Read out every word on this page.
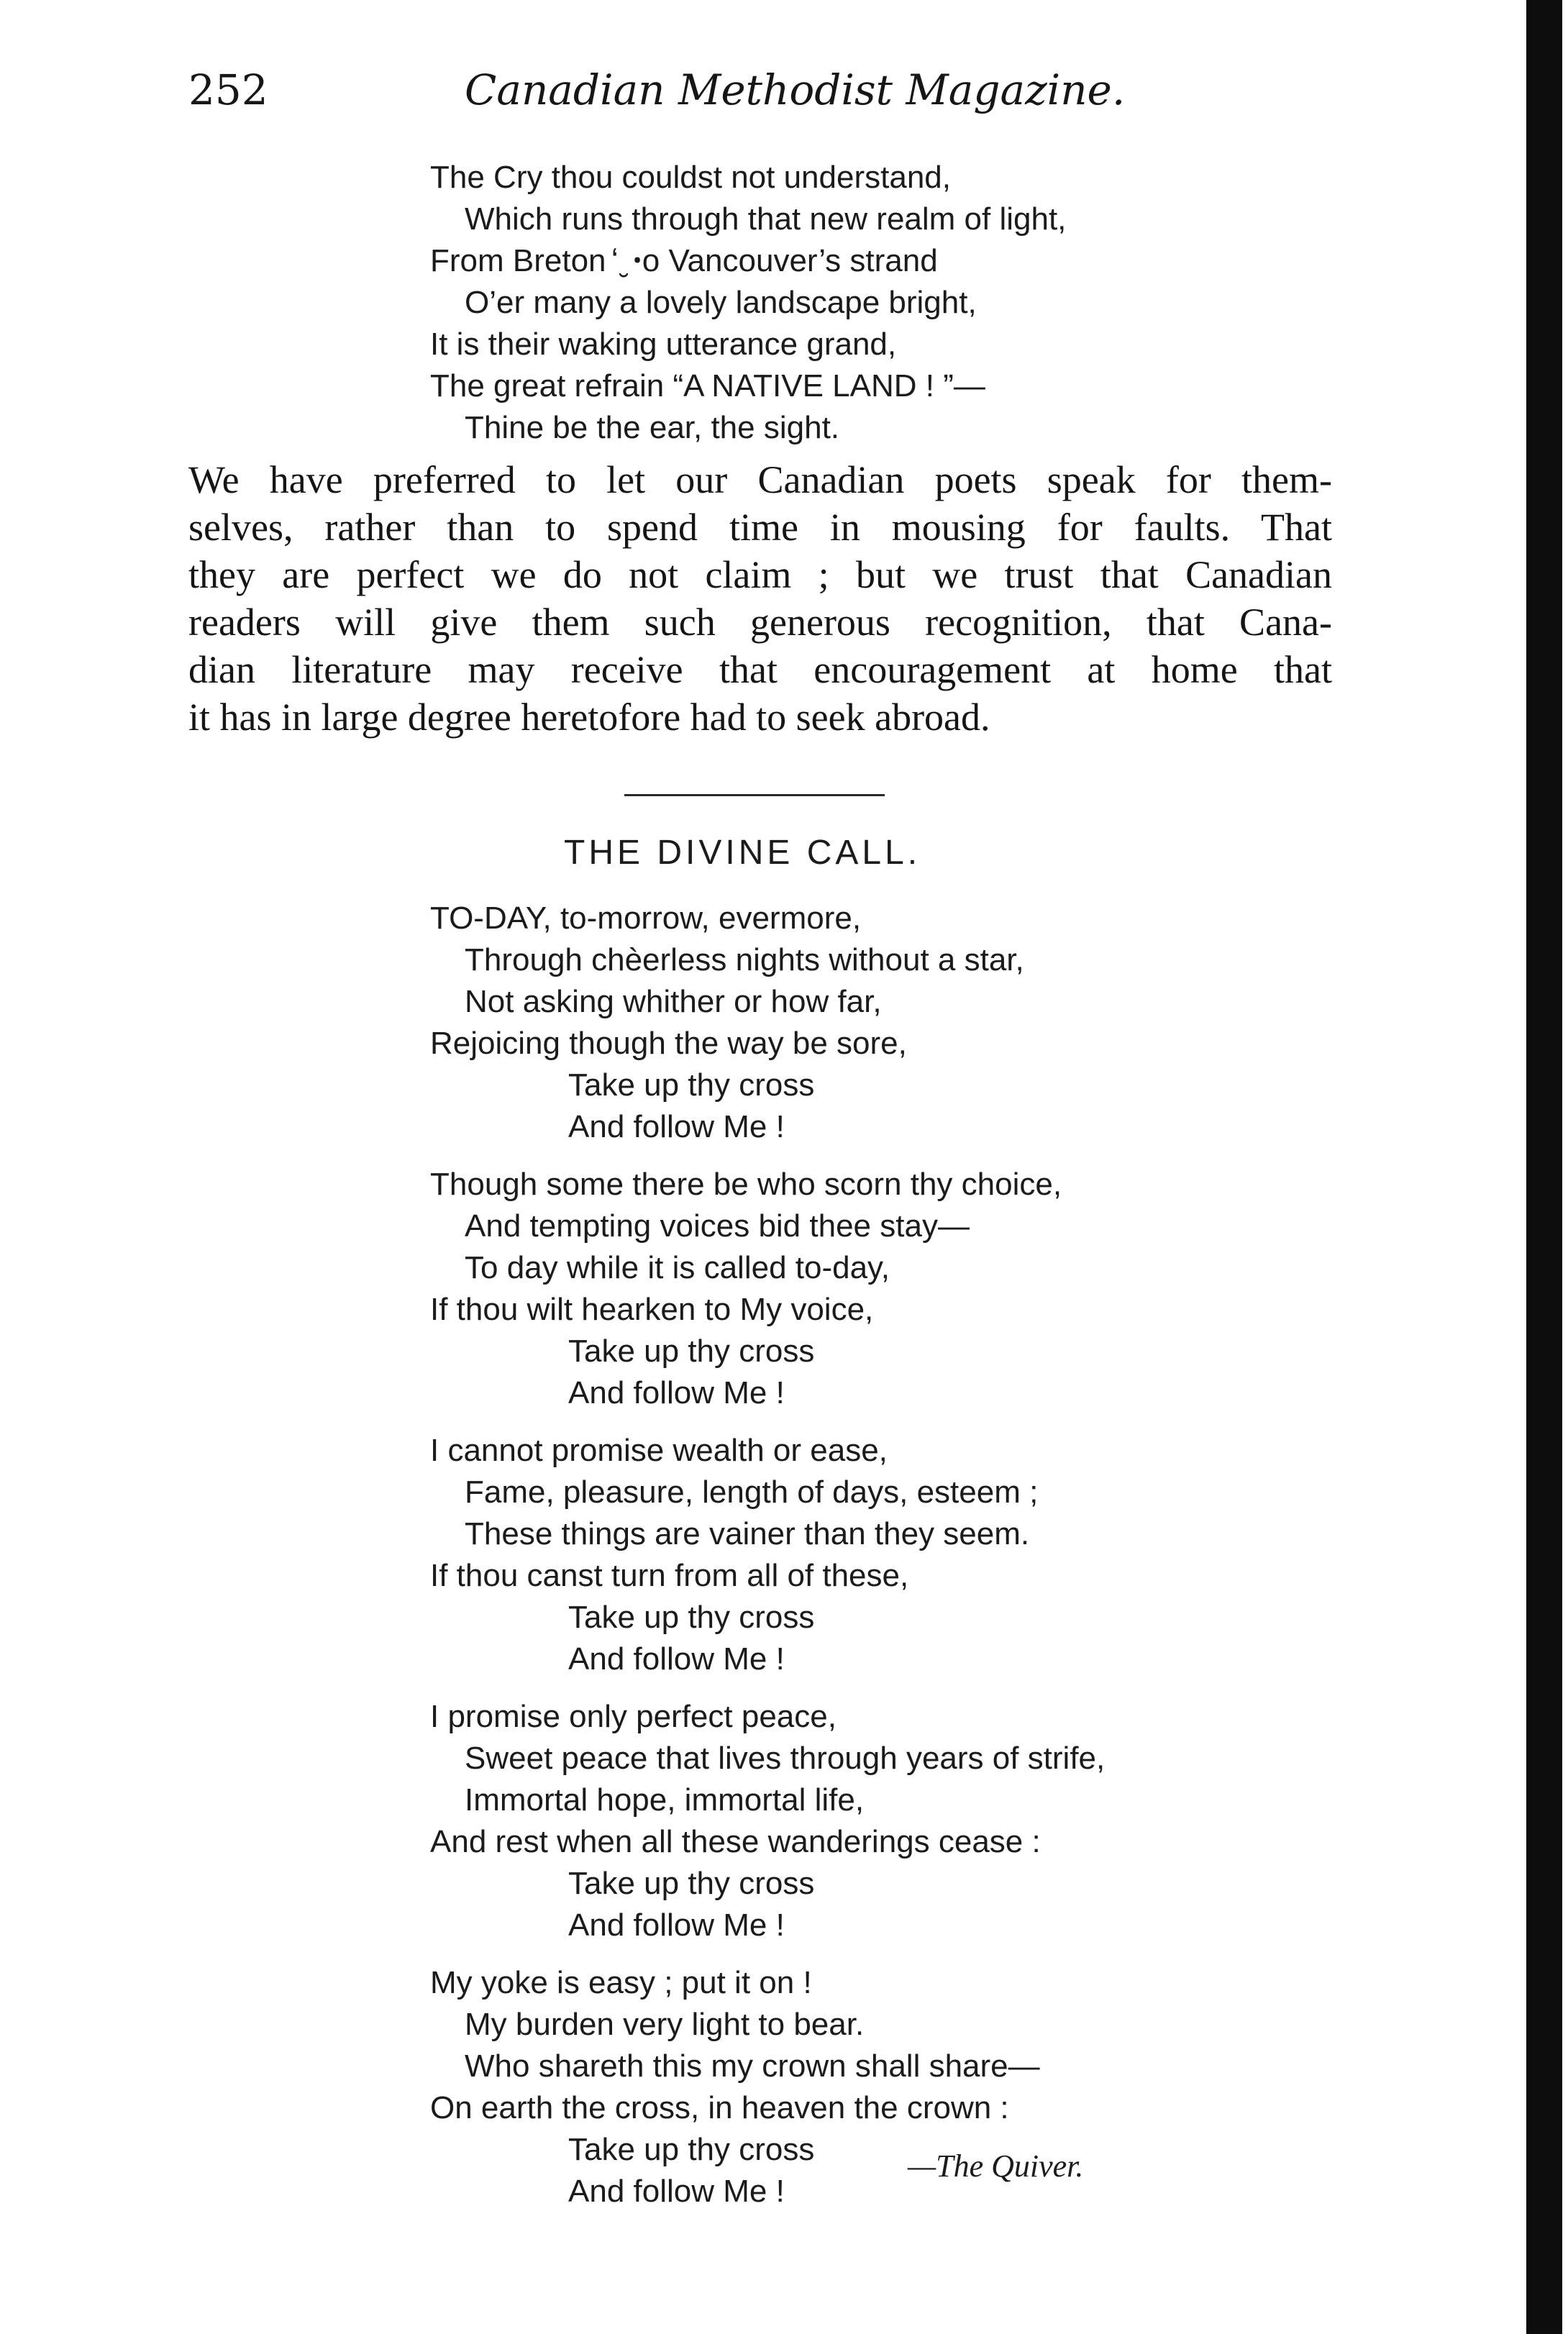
252	Canadian Methodist Magazine.
The Cry thou couldst not understand,
Which runs through that new realm of light,
From Breton ̒ ̮ ꞏo Vancouver’s strand
O’er many a lovely landscape bright,
It is their waking utterance grand,
The great refrain “A NATIVE LAND ! ”—
Thine be the ear, the sight.
We have preferred to let our Canadian poets speak for them-
selves, rather than to spend time in mousing for faults. That
they are perfect we do not claim ; but we trust that Canadian
readers will give them such generous recognition, that Cana-
dian literature may receive that encouragement at home that
it has in large degree heretofore had to seek abroad.
THE DIVINE CALL.
TO-DAY, to-morrow, evermore,
Through chèerless nights without a star,
Not asking whither or how far,
Rejoicing though the way be sore,
Take up thy cross
And follow Me !
Though some there be who scorn thy choice,
And tempting voices bid thee stay—
To day while it is called to-day,
If thou wilt hearken to My voice,
Take up thy cross
And follow Me !
I cannot promise wealth or ease,
Fame, pleasure, length of days, esteem ;
These things are vainer than they seem.
If thou canst turn from all of these,
Take up thy cross
And follow Me !
I promise only perfect peace,
Sweet peace that lives through years of strife,
Immortal hope, immortal life,
And rest when all these wanderings cease :
Take up thy cross
And follow Me !
My yoke is easy ; put it on !
My burden very light to bear.
Who shareth this my crown shall share—
On earth the cross, in heaven the crown :
Take up thy cross
And follow Me !
—The Quiver.
